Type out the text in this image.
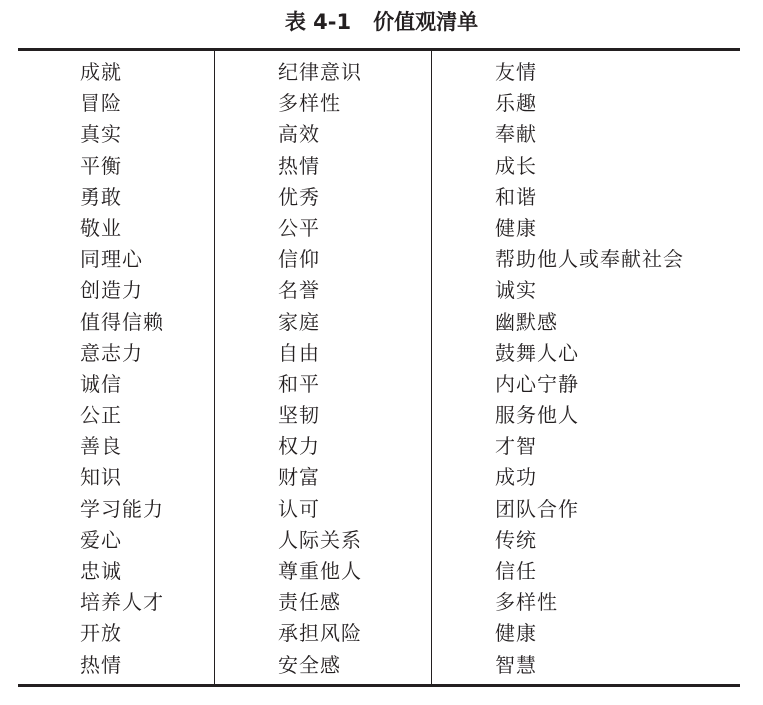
表 4-1 价值观清单
成就
冒险
真实
平衡
勇敢
敬业
同理心
创造力
值得信赖
意志力
诚信
公正
善良
知识
学习能力
爱心
忠诚
培养人才
开放
热情
纪律意识
多样性
高效
热情
优秀
公平
信仰
名誉
家庭
自由
和平
坚韧
权力
财富
认可
人际关系
尊重他人
责任感
承担风险
安全感
友情
乐趣
奉献
成长
和谐
健康
帮助他人或奉献社会
诚实
幽默感
鼓舞人心
内心宁静
服务他人
才智
成功
团队合作
传统
信任
多样性
健康
智慧
